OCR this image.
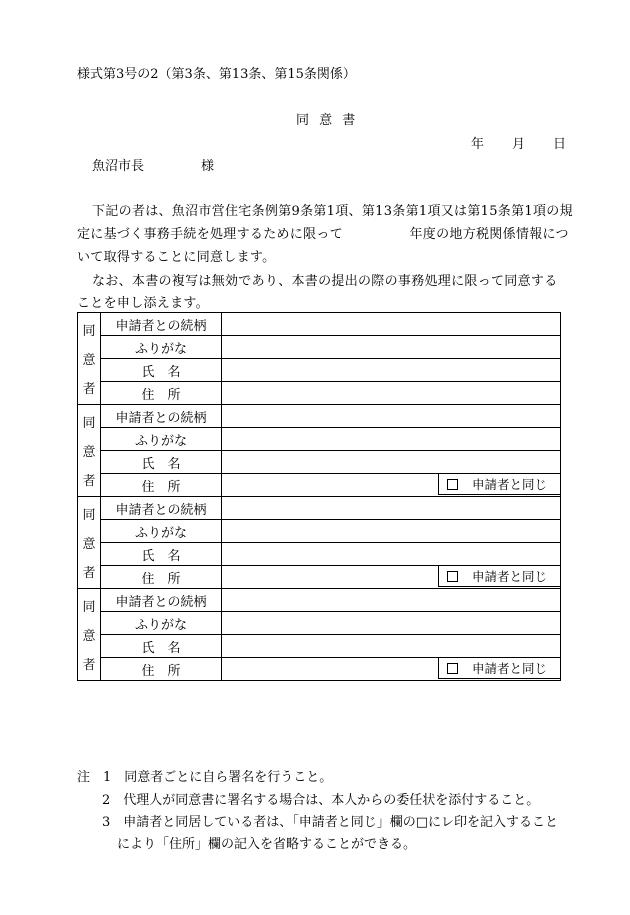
様式第3号の2（第3条、第13条、第15条関係）
同 意 書
年 月 日
魚沼市長	様
下記の者は、魚沼市営住宅条例第9条第1項、第13条第1項又は第15条第1項の規
定に基づく事務手続を処理するために限って　　　　　年度の地方税関係情報につ
いて取得することに同意します。
なお、本書の複写は無効であり、本書の提出の際の事務処理に限って同意する
ことを申し添えます。
同
意
者	申請者との続柄	
	ふりがな	
	氏　名	
	住　所	

同
意
者	申請者との続柄	
	ふりがな	
	氏　名	
	住　所	申請者と同じ

同
意
者	申請者との続柄	
	ふりがな	
	氏　名	
	住　所	申請者と同じ

同
意
者	申請者との続柄	
	ふりがな	
	氏　名	
	住　所	申請者と同じ
注　1　同意者ごとに自ら署名を行うこと。
2　代理人が同意書に署名する場合は、本人からの委任状を添付すること。
3　申請者と同居している者は、「申請者と同じ」欄の□にレ印を記入すること
により「住所」欄の記入を省略することができる。
